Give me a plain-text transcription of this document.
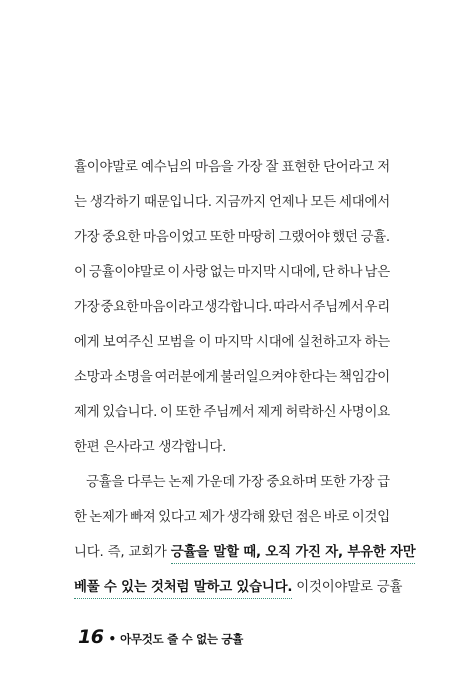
휼이야말로 예수님의 마음을 가장 잘 표현한 단어라고 저
는 생각하기 때문입니다. 지금까지 언제나 모든 세대에서
가장 중요한 마음이었고 또한 마땅히 그랬어야 했던 긍휼.
이 긍휼이야말로 이 사랑 없는 마지막 시대에, 단 하나 남은
가장 중요한 마음이라고 생각합니다. 따라서 주님께서 우리
에게 보여주신 모범을 이 마지막 시대에 실천하고자 하는
소망과 소명을 여러분에게 불러일으켜야 한다는 책임감이
제게 있습니다. 이 또한 주님께서 제게 허락하신 사명이요
한편 은사라고 생각합니다.
긍휼을 다루는 논제 가운데 가장 중요하며 또한 가장 급
한 논제가 빠져 있다고 제가 생각해 왔던 점은 바로 이것입
니다. 즉, 교회가 긍휼을 말할 때, 오직 가진 자, 부유한 자만
베풀 수 있는 것처럼 말하고 있습니다. 이것이야말로 긍휼
16 • 아무것도 줄 수 없는 긍휼
